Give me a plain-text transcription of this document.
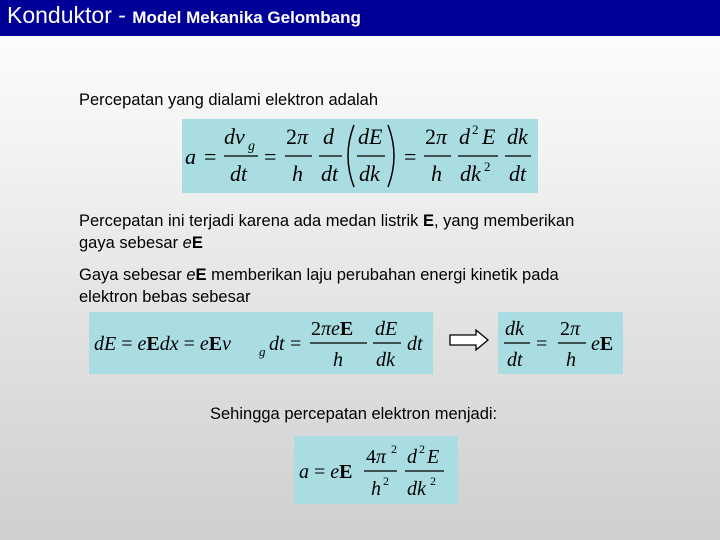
Konduktor - Model Mekanika Gelombang
Percepatan yang dialami elektron adalah
a =
dv g
dt
=
2π
h
d
dt
dE
dk
=
2π
h
d 2 E
dk 2
dk
dt
Percepatan ini terjadi karena ada medan listrik E, yang memberikan
gaya sebesar eE
Gaya sebesar eE memberikan laju perubahan energi kinetik pada
elektron bebas sebesar
dE = eEdx = eEv g dt =
2πeE
h
dE
dk
dt
dk
dt
=
2π
h
eE
Sehingga percepatan elektron menjadi:
a = eE
4π 2
h 2
d 2 E
dk 2
